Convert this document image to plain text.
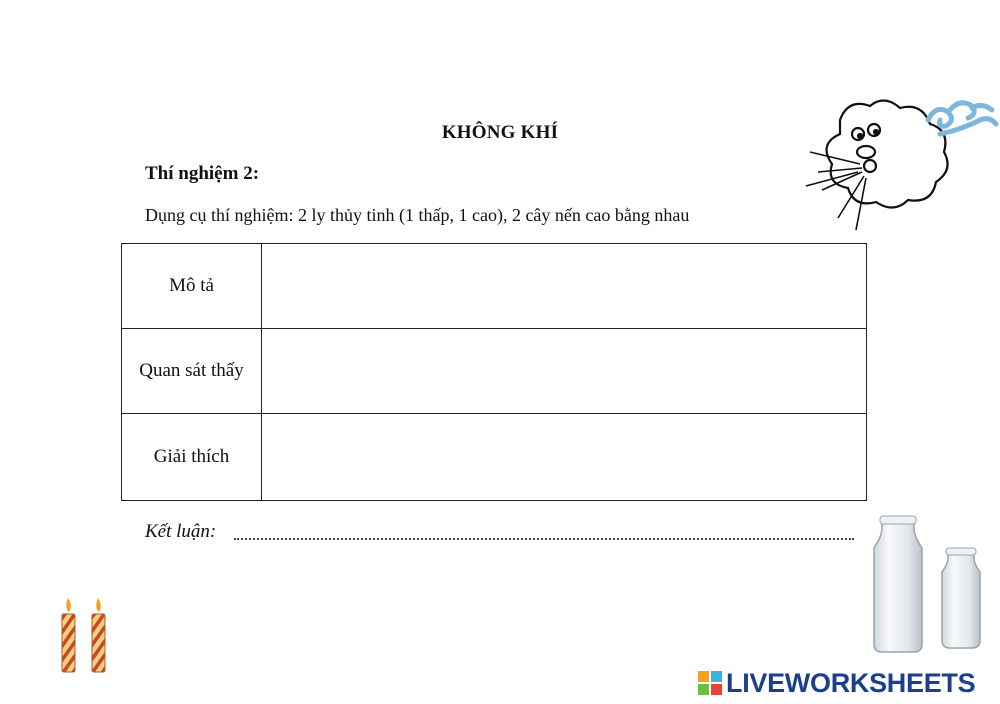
KHÔNG KHÍ
Thí nghiệm 2:
Dụng cụ thí nghiệm: 2 ly thủy tinh (1 thấp, 1 cao), 2 cây nến cao bằng nhau
Mô tả	
Quan sát thấy	
Giải thích	
Kết luận:
LIVEWORKSHEETS
